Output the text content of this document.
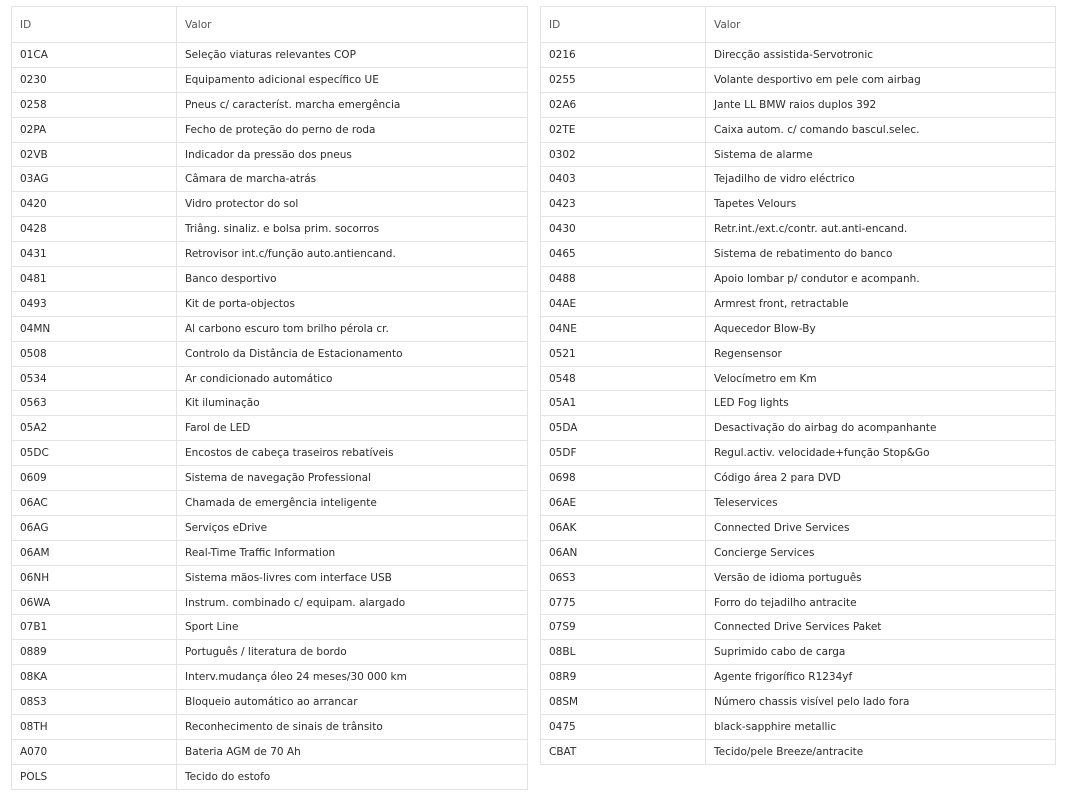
ID	Valor
01CA	Seleção viaturas relevantes COP
0230	Equipamento adicional específico UE
0258	Pneus c/ característ. marcha emergência
02PA	Fecho de proteção do perno de roda
02VB	Indicador da pressão dos pneus
03AG	Câmara de marcha-atrás
0420	Vidro protector do sol
0428	Triâng. sinaliz. e bolsa prim. socorros
0431	Retrovisor int.c/função auto.antiencand.
0481	Banco desportivo
0493	Kit de porta-objectos
04MN	Al carbono escuro tom brilho pérola cr.
0508	Controlo da Distância de Estacionamento
0534	Ar condicionado automático
0563	Kit iluminação
05A2	Farol de LED
05DC	Encostos de cabeça traseiros rebatíveis
0609	Sistema de navegação Professional
06AC	Chamada de emergência inteligente
06AG	Serviços eDrive
06AM	Real-Time Traffic Information
06NH	Sistema mãos-livres com interface USB
06WA	Instrum. combinado c/ equipam. alargado
07B1	Sport Line
0889	Português / literatura de bordo
08KA	Interv.mudança óleo 24 meses/30 000 km
08S3	Bloqueio automático ao arrancar
08TH	Reconhecimento de sinais de trânsito
A070	Bateria AGM de 70 Ah
POLS	Tecido do estofo
ID	Valor
0216	Direcção assistida-Servotronic
0255	Volante desportivo em pele com airbag
02A6	Jante LL BMW raios duplos 392
02TE	Caixa autom. c/ comando bascul.selec.
0302	Sistema de alarme
0403	Tejadilho de vidro eléctrico
0423	Tapetes Velours
0430	Retr.int./ext.c/contr. aut.anti-encand.
0465	Sistema de rebatimento do banco
0488	Apoio lombar p/ condutor e acompanh.
04AE	Armrest front, retractable
04NE	Aquecedor Blow-By
0521	Regensensor
0548	Velocímetro em Km
05A1	LED Fog lights
05DA	Desactivação do airbag do acompanhante
05DF	Regul.activ. velocidade+função Stop&Go
0698	Código área 2 para DVD
06AE	Teleservices
06AK	Connected Drive Services
06AN	Concierge Services
06S3	Versão de idioma português
0775	Forro do tejadilho antracite
07S9	Connected Drive Services Paket
08BL	Suprimido cabo de carga
08R9	Agente frigorífico R1234yf
08SM	Número chassis visível pelo lado fora
0475	black-sapphire metallic
CBAT	Tecido/pele Breeze/antracite
